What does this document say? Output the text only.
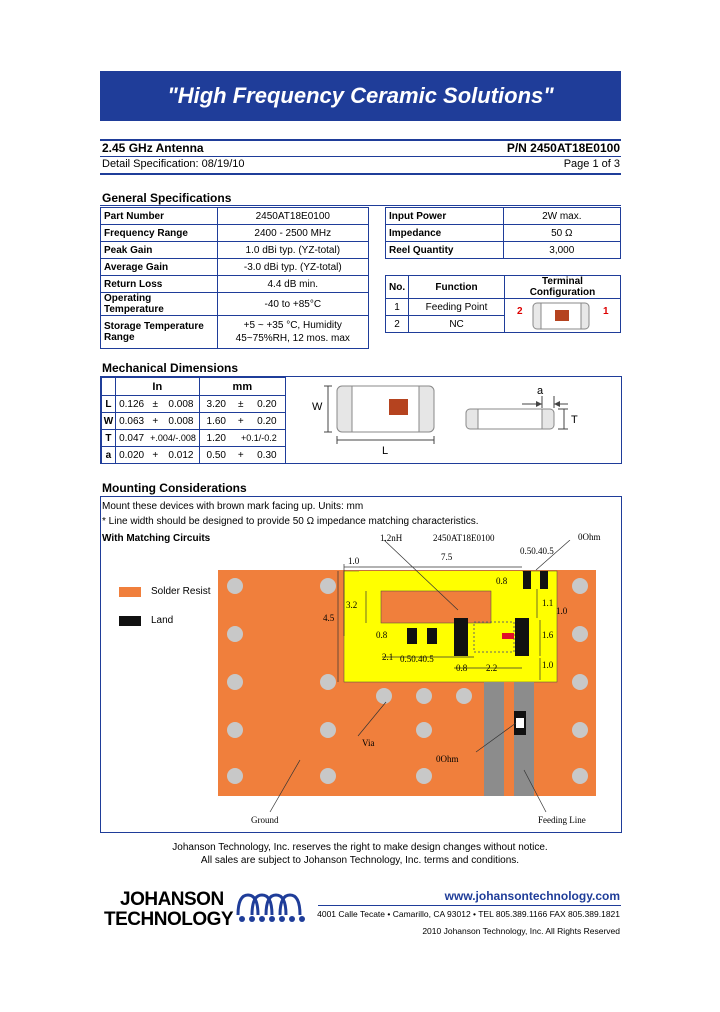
"High Frequency Ceramic Solutions"
2.45 GHz Antenna	P/N 2450AT18E0100
Detail Specification: 08/19/10	Page 1 of 3
General Specifications
Part Number	2450AT18E0100
Frequency Range	2400 - 2500 MHz
Peak Gain	1.0 dBi typ. (YZ-total)
Average Gain	-3.0 dBi typ. (YZ-total)
Return Loss	4.4 dB min.
Operating Temperature	-40 to +85°C
Storage Temperature Range	+5 ~ +35 °C, Humidity
45~75%RH, 12 mos. max
Input Power	2W max.
Impedance	50 Ω
Reel Quantity	3,000
No.	Function	Terminal Configuration
1	Feeding Point	2 1

2	NC	
Mechanical Dimensions
	In			mm		
L	0.126	±	0.008	3.20	±	0.20
W	0.063	+	0.008	1.60	+	0.20
T	0.047	+.004/-.008		1.20	+0.1/-0.2	
a	0.020	+	0.012	0.50	+	0.30
W
L
a
T
Mounting Considerations
Mount these devices with brown mark facing up. Units: mm
* Line width should be designed to provide 50 Ω impedance matching characteristics.
With Matching Circuits
Solder Resist
Land
1.0	7.5
0.8
0.50.40.5
0Ohm
1.2nH	2450AT18E0100
3.2
4.5
0.8
1.1
1.0
1.6
1.0
2.1 0.50.40.5
0.8 2.2
Via
0Ohm
Ground	Feeding Line
Johanson Technology, Inc. reserves the right to make design changes without notice.
All sales are subject to Johanson Technology, Inc. terms and conditions.
JOHANSON
TECHNOLOGY
www.johansontechnology.com
4001 Calle Tecate • Camarillo, CA 93012 • TEL 805.389.1166 FAX 805.389.1821
2010 Johanson Technology, Inc. All Rights Reserved
